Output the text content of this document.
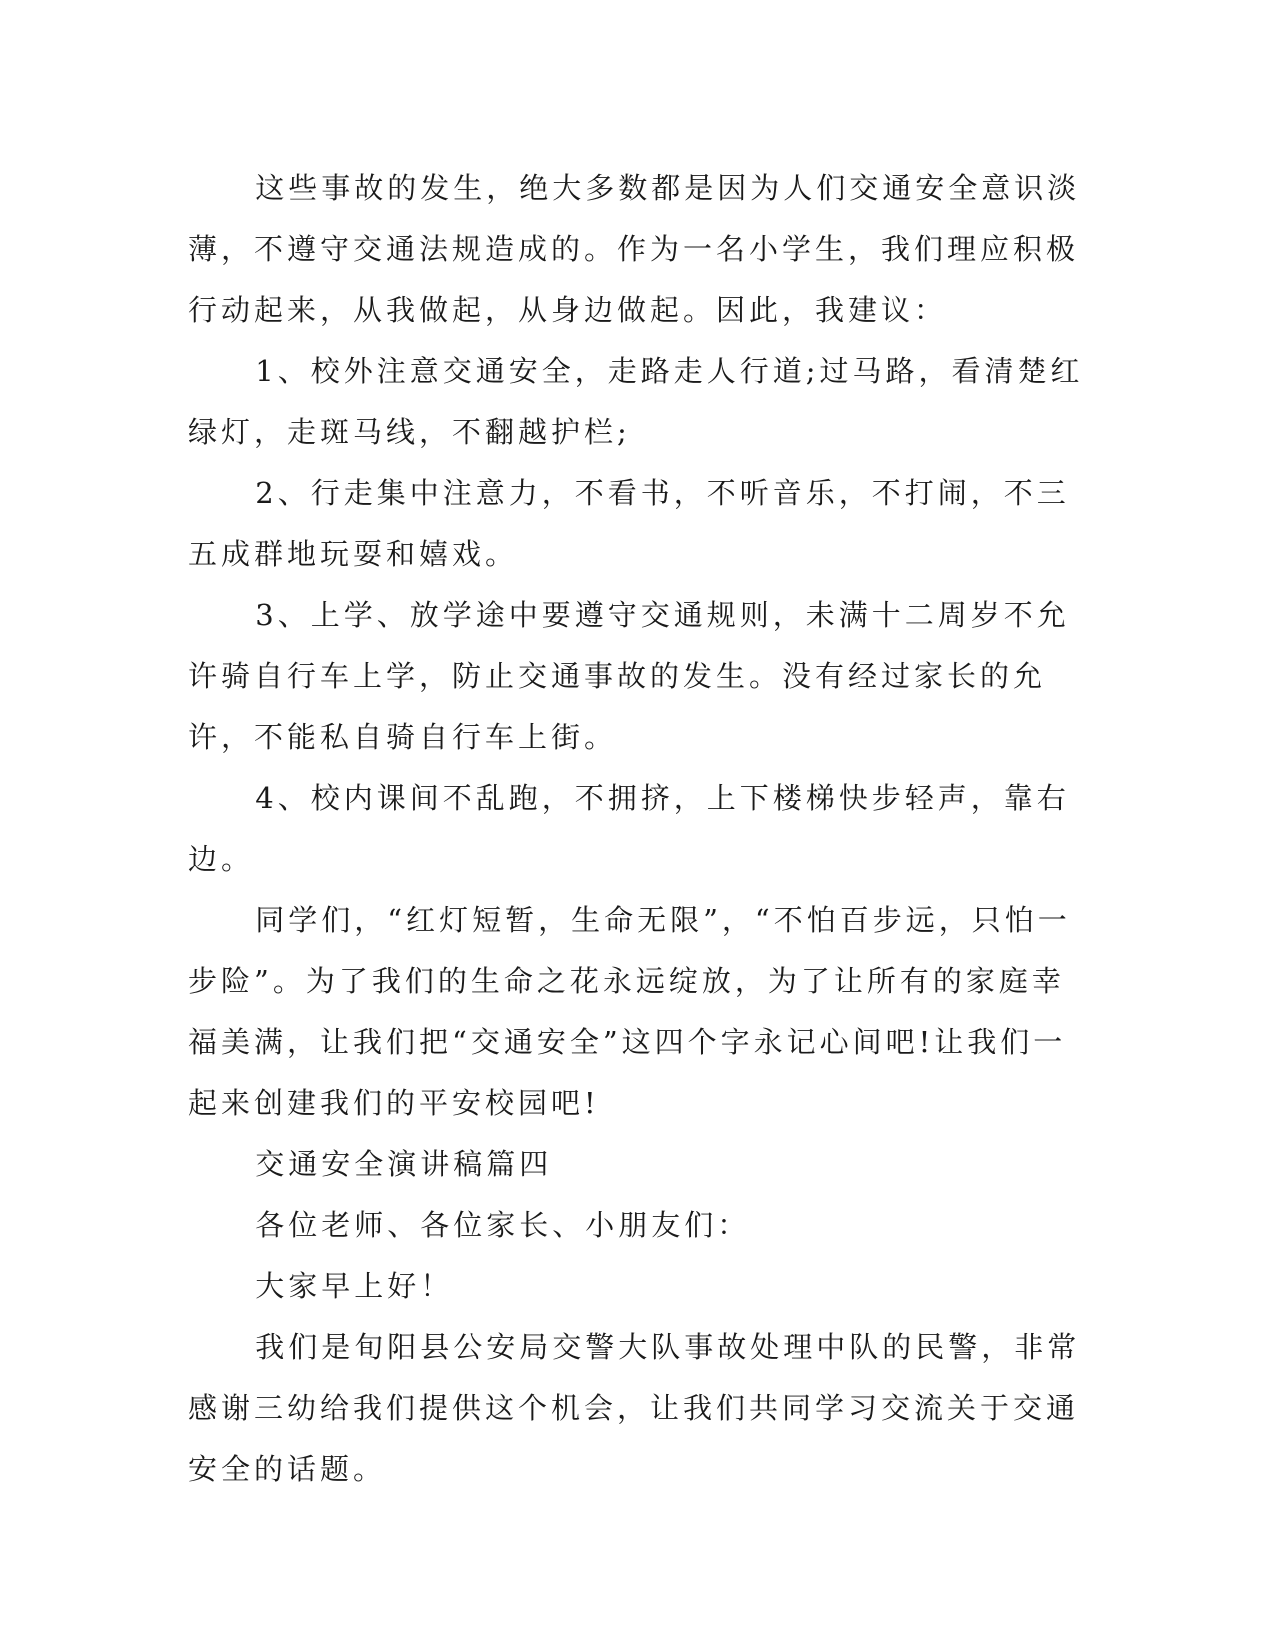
这些事故的发生，绝大多数都是因为人们交通安全意识淡薄，不遵守交通法规造成的。作为一名小学生，我们理应积极行动起来，从我做起，从身边做起。因此，我建议：

1、校外注意交通安全，走路走人行道;过马路，看清楚红绿灯，走斑马线，不翻越护栏;

2、行走集中注意力，不看书，不听音乐，不打闹，不三五成群地玩耍和嬉戏。

3、上学、放学途中要遵守交通规则，未满十二周岁不允许骑自行车上学，防止交通事故的发生。没有经过家长的允许，不能私自骑自行车上街。

4、校内课间不乱跑，不拥挤，上下楼梯快步轻声，靠右边。

同学们，“红灯短暂，生命无限”，“不怕百步远，只怕一步险”。为了我们的生命之花永远绽放，为了让所有的家庭幸福美满，让我们把“交通安全”这四个字永记心间吧!让我们一起来创建我们的平安校园吧!

交通安全演讲稿篇四

各位老师、各位家长、小朋友们：

大家早上好！

我们是旬阳县公安局交警大队事故处理中队的民警，非常感谢三幼给我们提供这个机会，让我们共同学习交流关于交通安全的话题。
